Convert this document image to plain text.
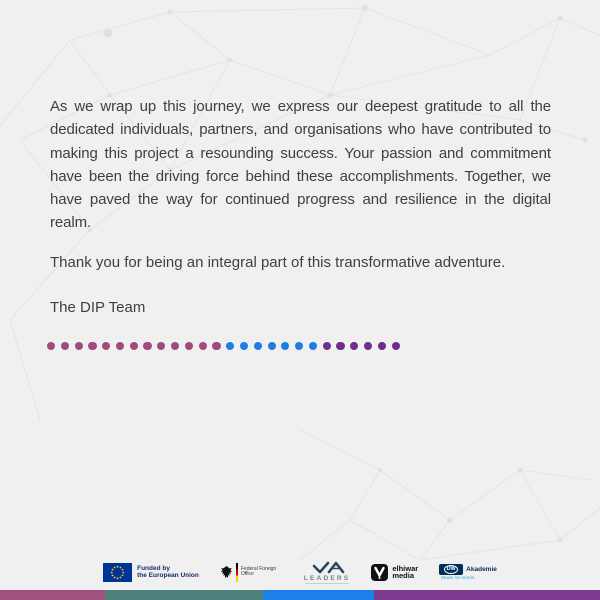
As we wrap up this journey, we express our deepest gratitude to all the dedicated individuals, partners, and organisations who have contributed to making this project a resounding success. Your passion and commitment have been the driving force behind these accomplishments. Together, we have paved the way for continued progress and resilience in the digital realm.

Thank you for being an integral part of this transformative adventure.

The DIP Team

Funded by
the European Union
Federal Foreign Office
LEADERS
elhiwar
media
DW	Akademie
Made for minds.
